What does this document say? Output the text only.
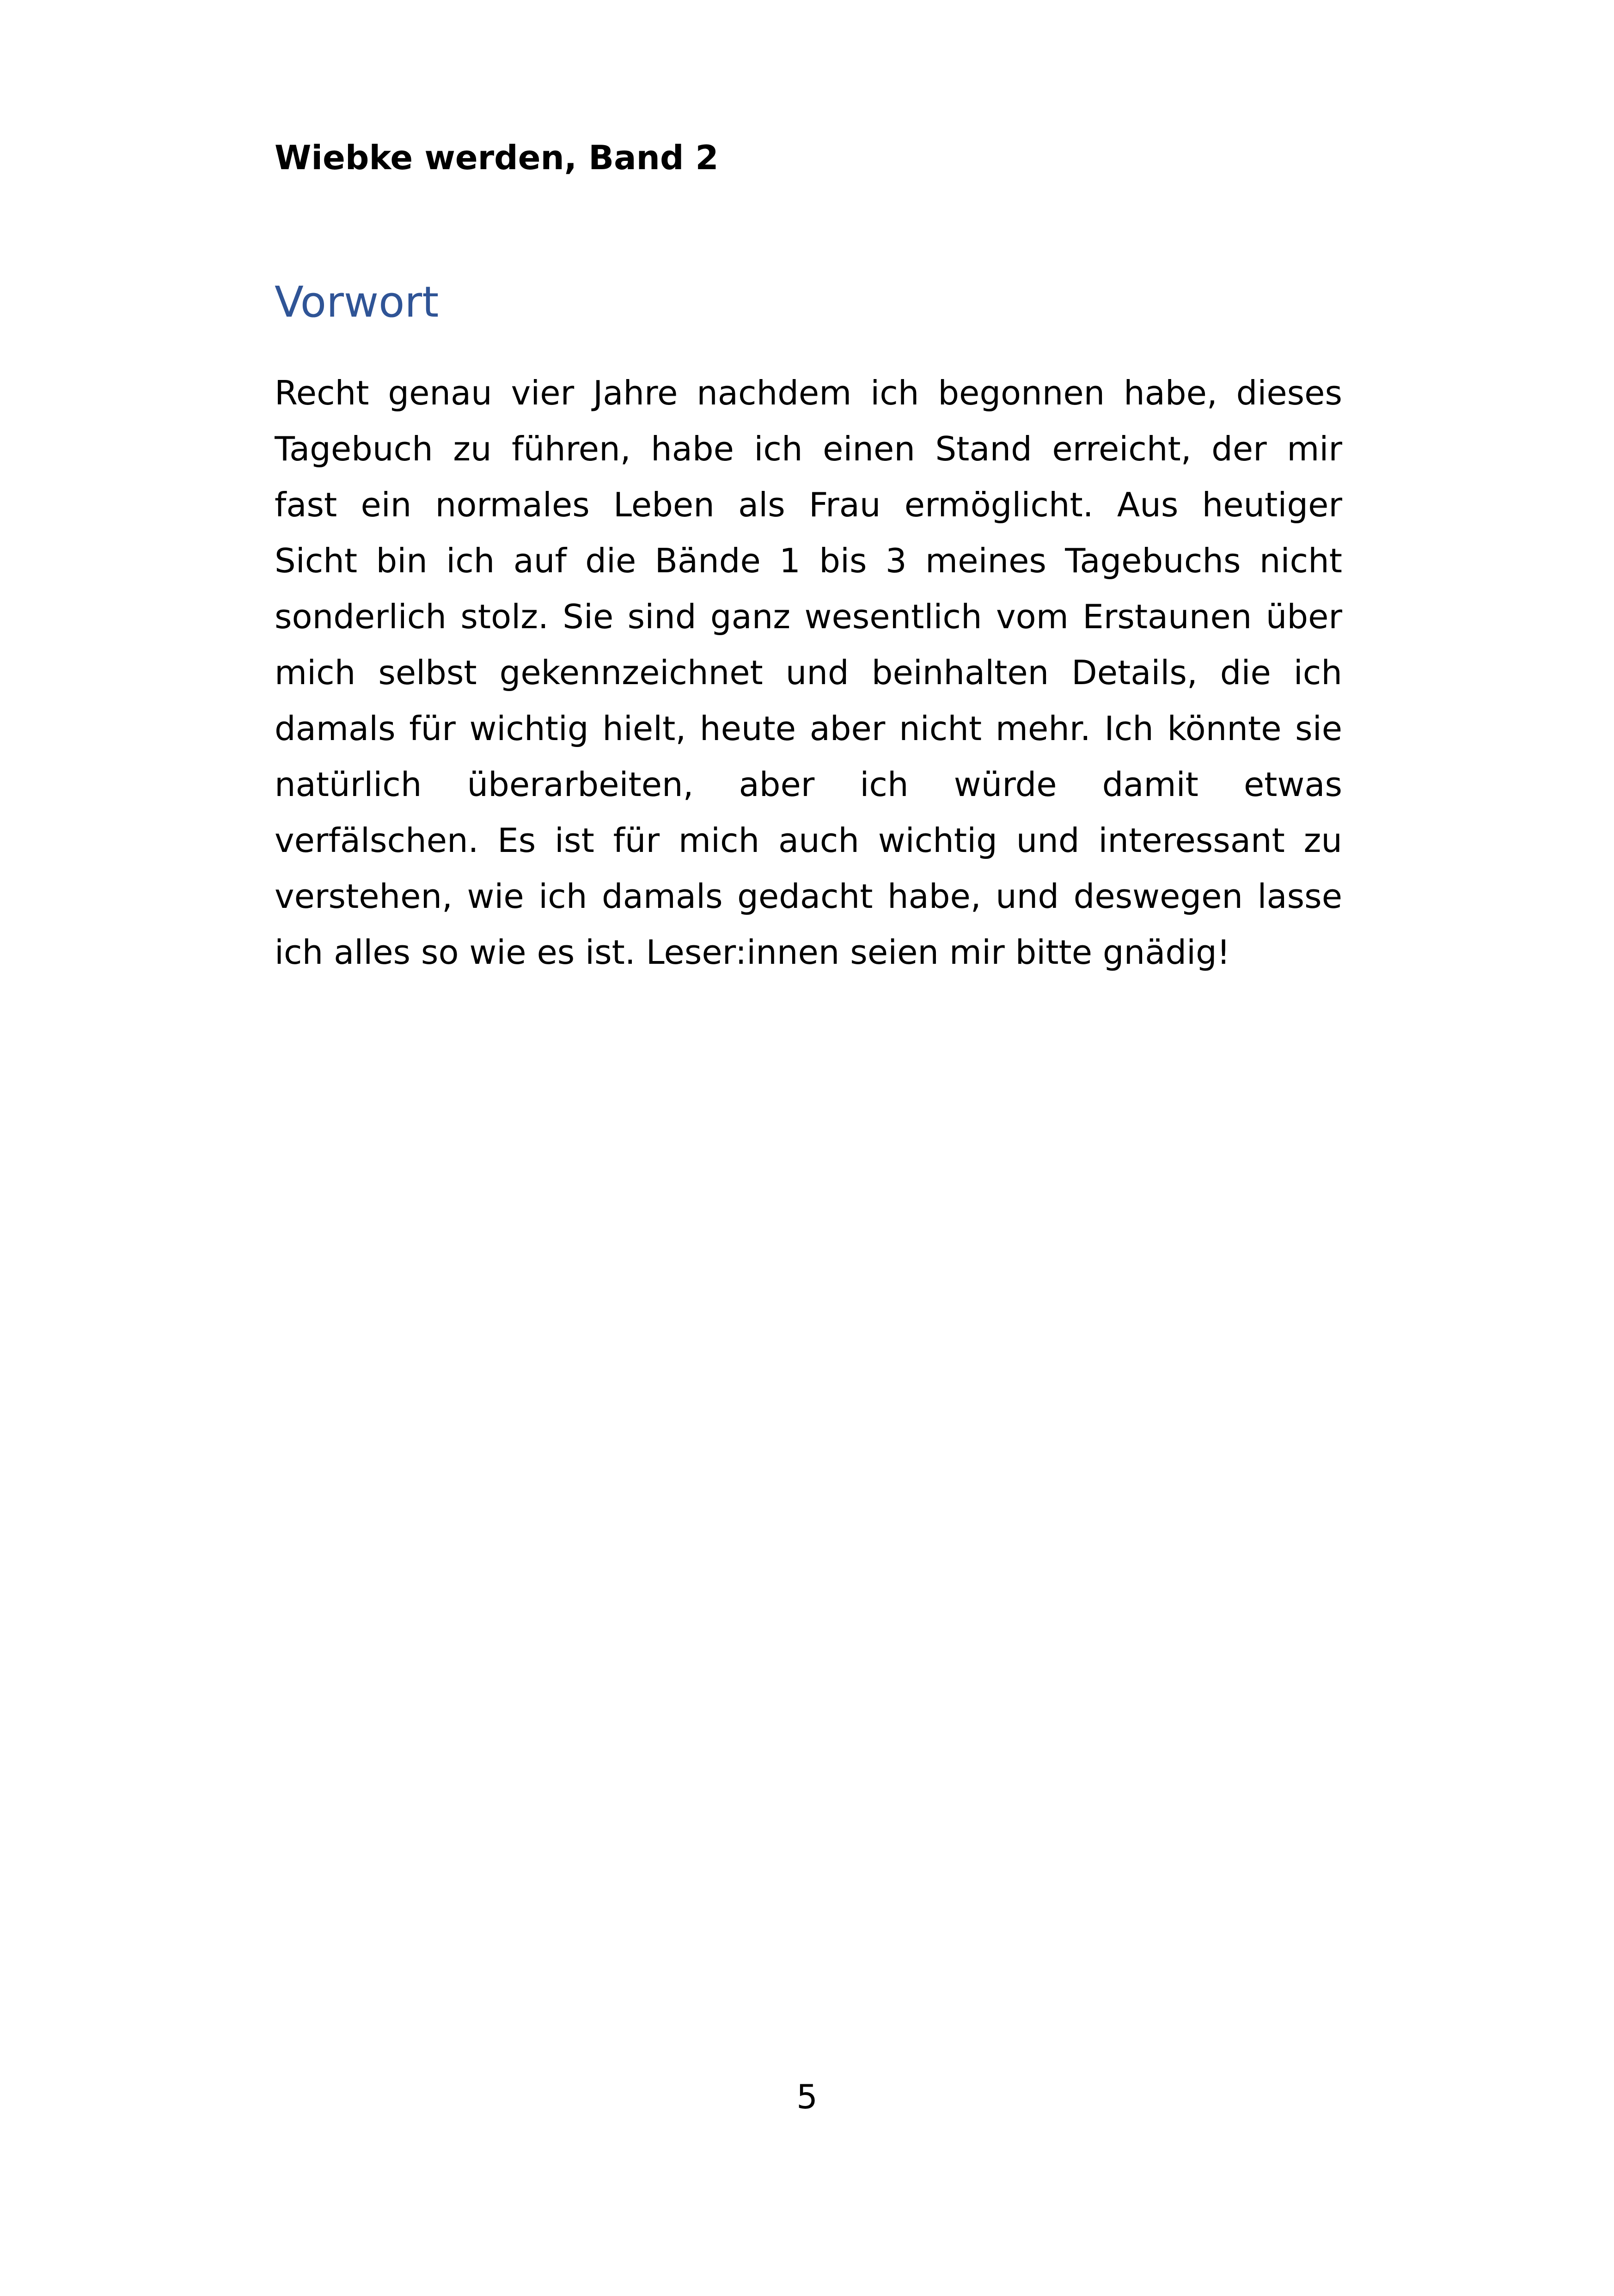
Wiebke werden, Band 2
Vorwort
Recht genau vier Jahre nachdem ich begonnen habe, dieses
Tagebuch zu führen, habe ich einen Stand erreicht, der mir
fast ein normales Leben als Frau ermöglicht. Aus heutiger
Sicht bin ich auf die Bände 1 bis 3 meines Tagebuchs nicht
sonderlich stolz. Sie sind ganz wesentlich vom Erstaunen über
mich selbst gekennzeichnet und beinhalten Details, die ich
damals für wichtig hielt, heute aber nicht mehr. Ich könnte sie
natürlich überarbeiten, aber ich würde damit etwas
verfälschen. Es ist für mich auch wichtig und interessant zu
verstehen, wie ich damals gedacht habe, und deswegen lasse
ich alles so wie es ist. Leser:innen seien mir bitte gnädig!
5
